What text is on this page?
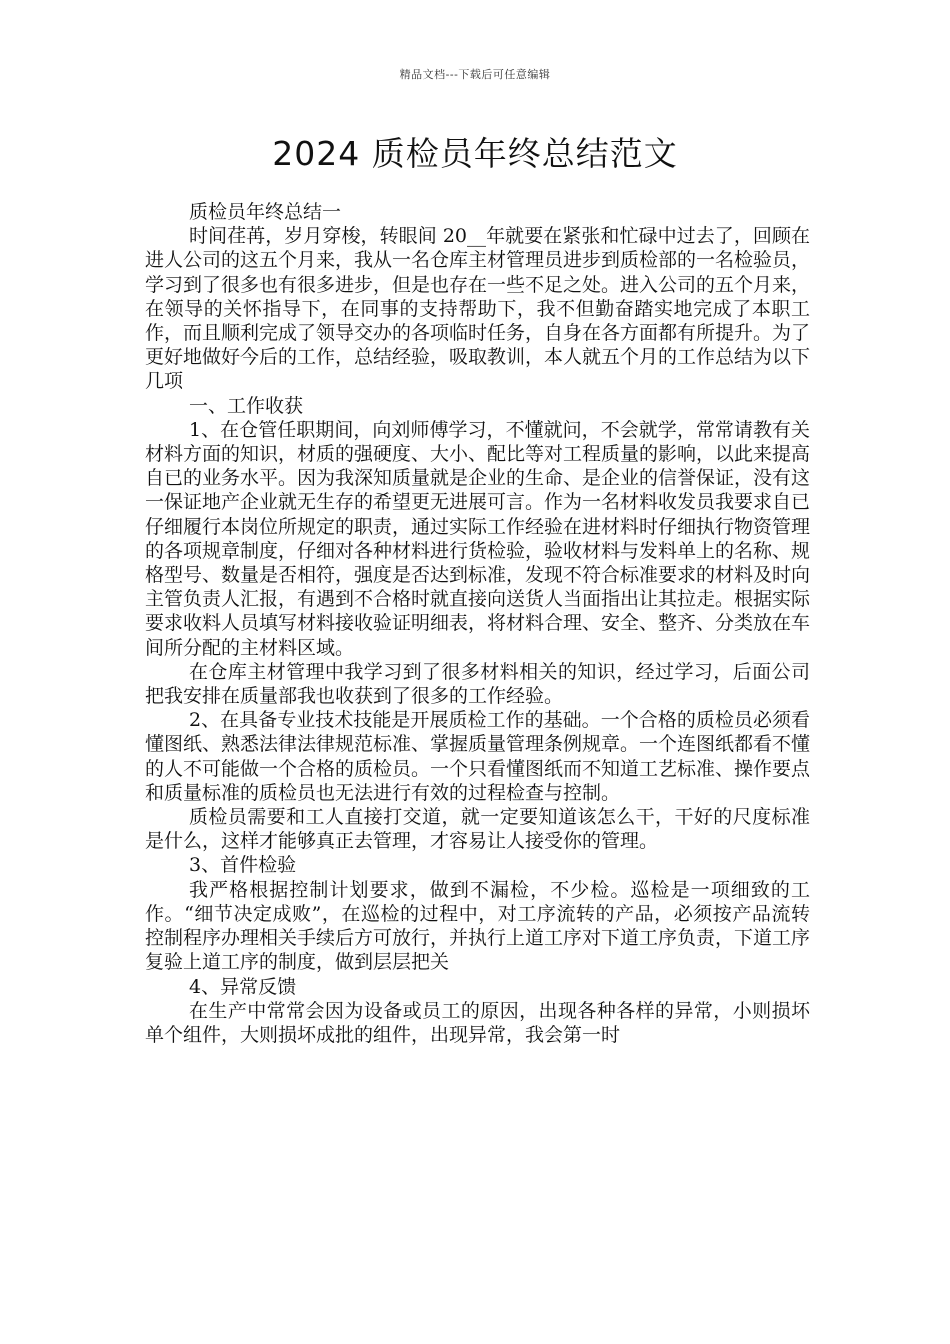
精品文档---下载后可任意编辑
2024 质检员年终总结范文

质检员年终总结一

时间荏苒，岁月穿梭，转眼间 20__年就要在紧张和忙碌中过去了，回顾在进人公司的这五个月来，我从一名仓库主材管理员进步到质检部的一名检验员，学习到了很多也有很多进步，但是也存在一些不足之处。进入公司的五个月来，在领导的关怀指导下，在同事的支持帮助下，我不但勤奋踏实地完成了本职工作，而且顺利完成了领导交办的各项临时任务，自身在各方面都有所提升。为了更好地做好今后的工作，总结经验，吸取教训，本人就五个月的工作总结为以下几项

一、工作收获

1、在仓管任职期间，向刘师傅学习，不懂就问，不会就学，常常请教有关材料方面的知识，材质的强硬度、大小、配比等对工程质量的影响，以此来提高自已的业务水平。因为我深知质量就是企业的生命、是企业的信誉保证，没有这一保证地产企业就无生存的希望更无进展可言。作为一名材料收发员我要求自已仔细履行本岗位所规定的职责，通过实际工作经验在进材料时仔细执行物资管理的各项规章制度，仔细对各种材料进行货检验，验收材料与发料单上的名称、规格型号、数量是否相符，强度是否达到标准，发现不符合标准要求的材料及时向主管负责人汇报，有遇到不合格时就直接向送货人当面指出让其拉走。根据实际要求收料人员填写材料接收验证明细表，将材料合理、安全、整齐、分类放在车间所分配的主材料区域。

在仓库主材管理中我学习到了很多材料相关的知识，经过学习，后面公司把我安排在质量部我也收获到了很多的工作经验。

2、在具备专业技术技能是开展质检工作的基础。一个合格的质检员必须看懂图纸、熟悉法律法律规范标准、掌握质量管理条例规章。一个连图纸都看不懂的人不可能做一个合格的质检员。一个只看懂图纸而不知道工艺标准、操作要点和质量标准的质检员也无法进行有效的过程检查与控制。

质检员需要和工人直接打交道，就一定要知道该怎么干，干好的尺度标准是什么，这样才能够真正去管理，才容易让人接受你的管理。

3、首件检验

我严格根据控制计划要求，做到不漏检，不少检。巡检是一项细致的工作。“细节决定成败”，在巡检的过程中，对工序流转的产品，必须按产品流转控制程序办理相关手续后方可放行，并执行上道工序对下道工序负责，下道工序复验上道工序的制度，做到层层把关

4、异常反馈

在生产中常常会因为设备或员工的原因，出现各种各样的异常，小则损坏单个组件，大则损坏成批的组件，出现异常，我会第一时
